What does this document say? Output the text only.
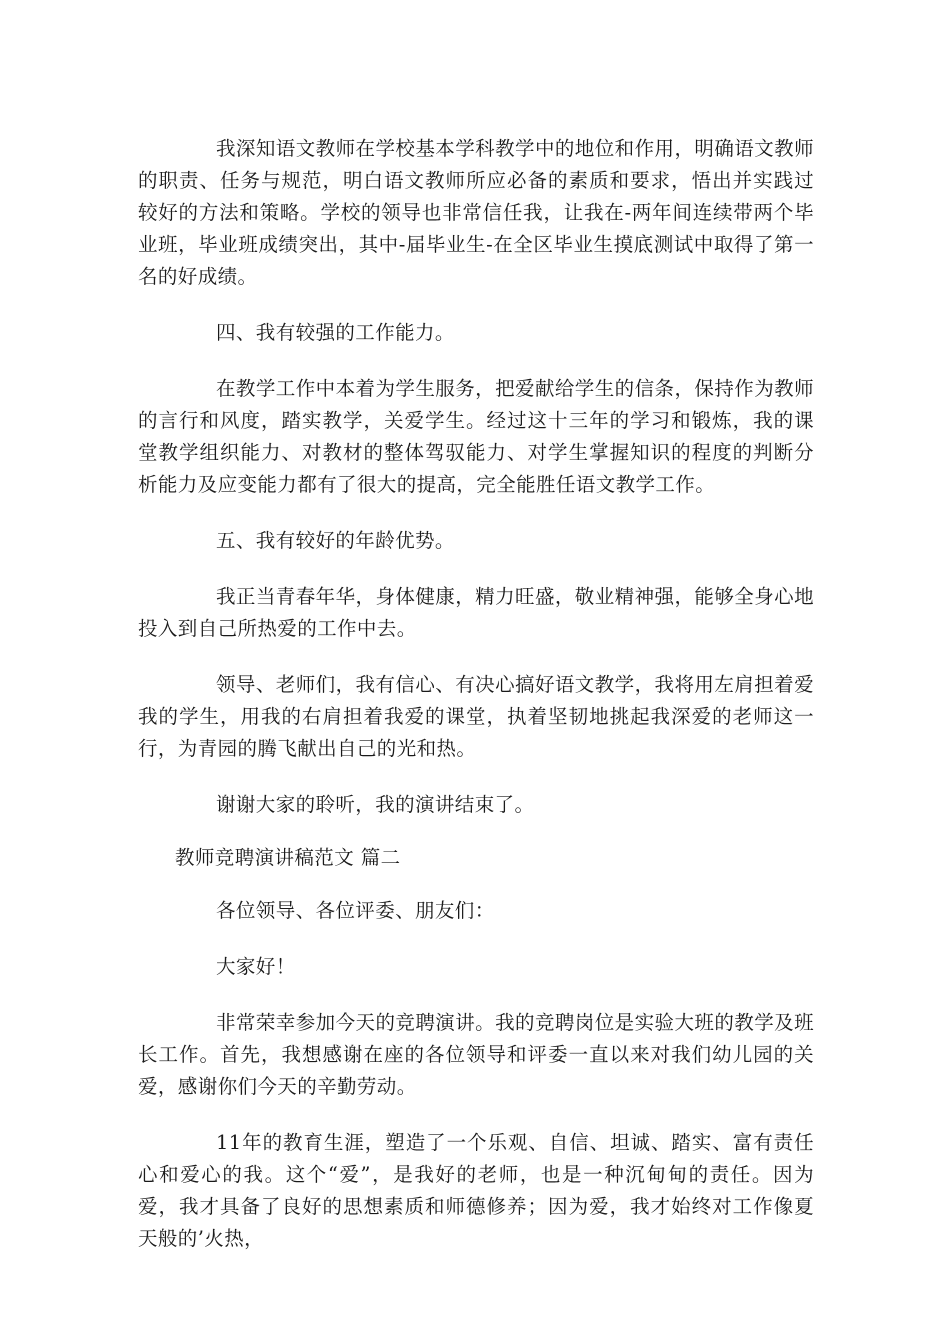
我深知语文教师在学校基本学科教学中的地位和作用，明确语文教师的职责、任务与规范，明白语文教师所应必备的素质和要求，悟出并实践过较好的方法和策略。学校的领导也非常信任我，让我在-两年间连续带两个毕业班，毕业班成绩突出，其中-届毕业生-在全区毕业生摸底测试中取得了第一名的好成绩。

四、我有较强的工作能力。

在教学工作中本着为学生服务，把爱献给学生的信条，保持作为教师的言行和风度，踏实教学，关爱学生。经过这十三年的学习和锻炼，我的课堂教学组织能力、对教材的整体驾驭能力、对学生掌握知识的程度的判断分析能力及应变能力都有了很大的提高，完全能胜任语文教学工作。

五、我有较好的年龄优势。

我正当青春年华，身体健康，精力旺盛，敬业精神强，能够全身心地投入到自己所热爱的工作中去。

领导、老师们，我有信心、有决心搞好语文教学，我将用左肩担着爱我的学生，用我的右肩担着我爱的课堂，执着坚韧地挑起我深爱的老师这一行，为青园的腾飞献出自己的光和热。

谢谢大家的聆听，我的演讲结束了。

教师竞聘演讲稿范文 篇二

各位领导、各位评委、朋友们：

大家好！

非常荣幸参加今天的竞聘演讲。我的竞聘岗位是实验大班的教学及班长工作。首先，我想感谢在座的各位领导和评委一直以来对我们幼儿园的关爱，感谢你们今天的辛勤劳动。

11年的教育生涯，塑造了一个乐观、自信、坦诚、踏实、富有责任心和爱心的我。这个“爱”，是我好的老师，也是一种沉甸甸的责任。因为爱，我才具备了良好的思想素质和师德修养；因为爱，我才始终对工作像夏天般的’火热，
